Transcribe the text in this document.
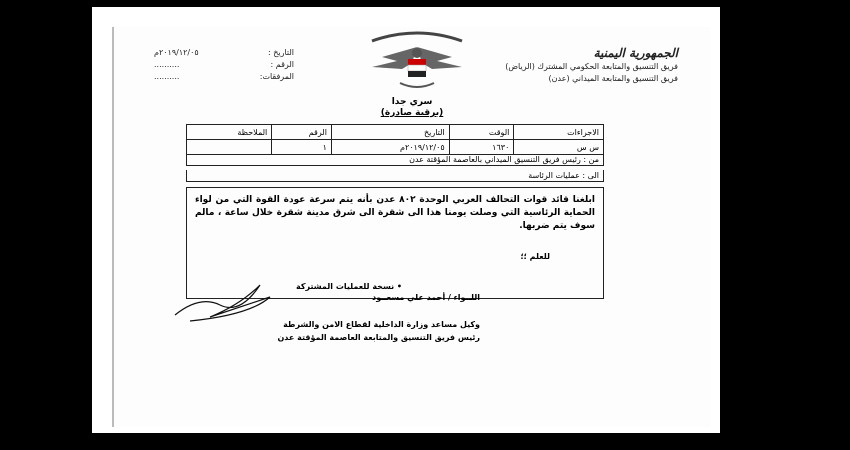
الجمهورية اليمنية
فريق التنسيق والمتابعة الحكومي المشترك (الرياض)
فريق التنسيق والمتابعة الميداني (عدن)
التاريخ :
٢٠١٩/١٢/٠٥م
الرقم :
..........
المرفقات:
..........
سري جدا
(برقية صادرة)
الاجراءات	الوقت	التاريخ	الرقم	الملاحظة
س س	١٦٣٠	٢٠١٩/١٢/٠٥م	١	
من : رئيس فريق التنسيق الميداني بالعاصمة المؤقتة عدن
الى : عمليات الرئاسة
ابلغنا قائد قوات التحالف العربي الوحدة ٨٠٢ عدن بأنه يتم سرعة عودة القوة التي من لواء الحماية الرئاسية التي وصلت يومنا هذا الى شقرة الى شرق مدينة شقرة خلال ساعة ، مالم سوف يتم ضربها.
للعلم ؛؛
• نسخة للعمليات المشتركة
اللــواء / أحمد علي مسعــود
وكيل مساعد وزارة الداخلية لقطاع الامن والشرطة
رئيس فريق التنسيق والمتابعة العاصمة المؤقتة عدن
